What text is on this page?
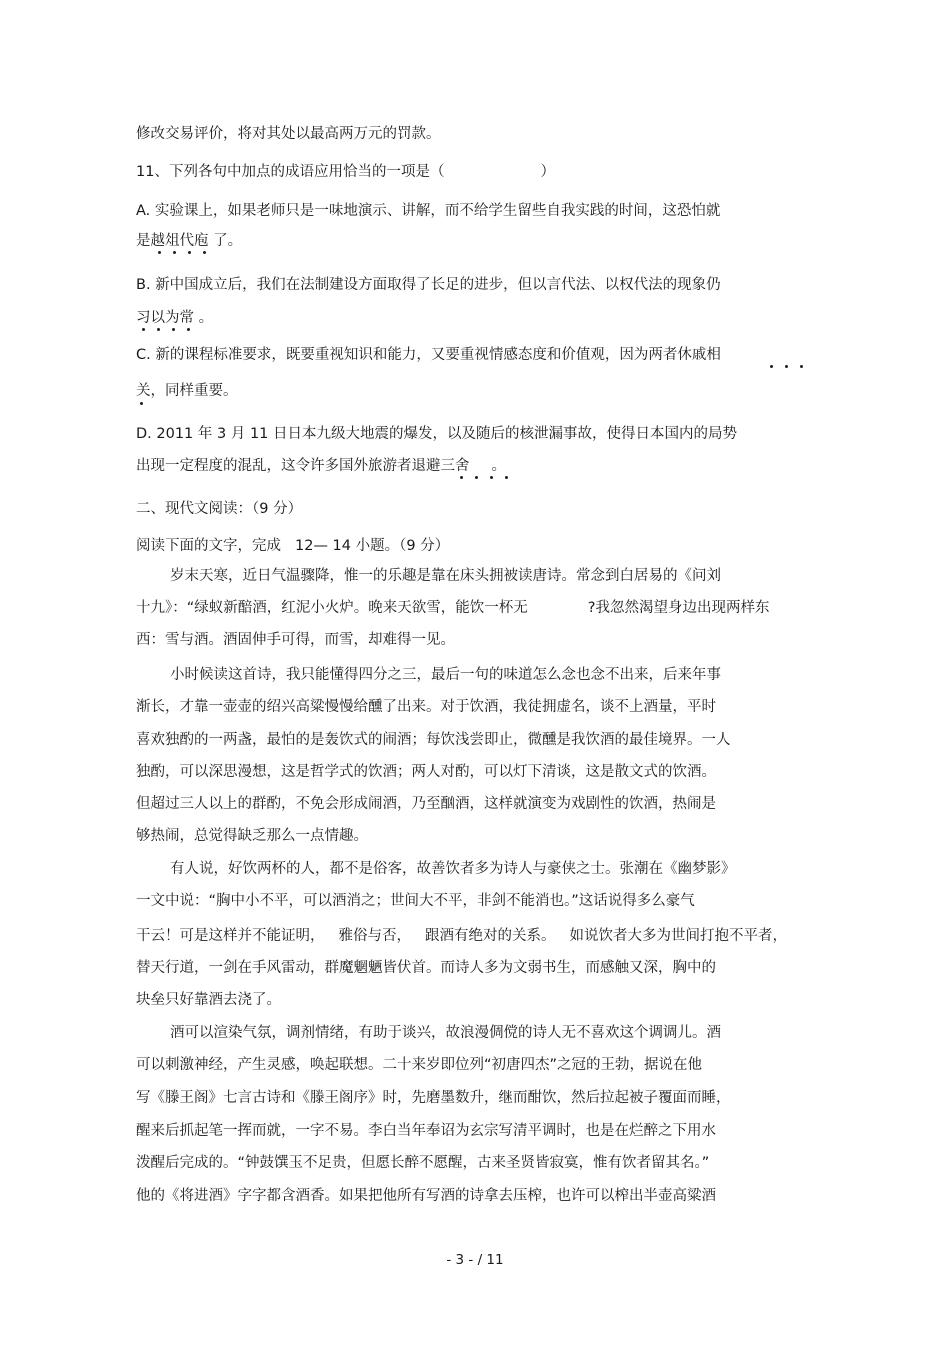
修改交易评价，将对其处以最高两万元的罚款。
11、下列各句中加点的成语应用恰当的一项是（	）
A. 实验课上，如果老师只是一味地演示、讲解，而不给学生留些自我实践的时间，这恐怕就
是越俎代庖 了。
B. 新中国成立后，我们在法制建设方面取得了长足的进步，但以言代法、以权代法的现象仍
习以为常 。
C. 新的课程标准要求，既要重视知识和能力，又要重视情感态度和价值观，因为两者休戚相
关，同样重要。
D. 2011 年 3 月 11 日日本九级大地震的爆发，以及随后的核泄漏事故，使得日本国内的局势
出现一定程度的混乱，这令许多国外旅游者退避三舍 。
二、现代文阅读：（9 分）
阅读下面的文字，完成 12— 14 小题。（9 分）
岁末天寒，近日气温骤降，惟一的乐趣是靠在床头拥被读唐诗。常念到白居易的《问刘
十九》：“绿蚁新醅酒，红泥小火炉。晚来天欲雪，能饮一杯无	?我忽然渴望身边出现两样东
西：雪与酒。酒固伸手可得，而雪，却难得一见。
小时候读这首诗，我只能懂得四分之三，最后一句的味道怎么念也念不出来，后来年事
渐长，才靠一壶壶的绍兴高粱慢慢给醺了出来。对于饮酒，我徒拥虚名，谈不上酒量，平时
喜欢独酌的一两盏，最怕的是轰饮式的闹酒；每饮浅尝即止，微醺是我饮酒的最佳境界。一人
独酌，可以深思漫想，这是哲学式的饮酒；两人对酌，可以灯下清谈，这是散文式的饮酒。
但超过三人以上的群酌，不免会形成闹酒，乃至酗酒，这样就演变为戏剧性的饮酒，热闹是
够热闹，总觉得缺乏那么一点情趣。
有人说，好饮两杯的人，都不是俗客，故善饮者多为诗人与豪侠之士。张潮在《幽梦影》
一文中说：“胸中小不平，可以酒消之；世间大不平，非剑不能消也。”这话说得多么豪气
干云！可是这样并不能证明， 雅俗与否， 跟酒有绝对的关系。 如说饮者大多为世间打抱不平者，
替天行道，一剑在手风雷动，群魔魍魉皆伏首。而诗人多为文弱书生，而感触又深，胸中的
块垒只好靠酒去浇了。
酒可以渲染气氛，调剂情绪，有助于谈兴，故浪漫倜傥的诗人无不喜欢这个调调儿。酒
可以刺激神经，产生灵感，唤起联想。二十来岁即位列“初唐四杰”之冠的王勃，据说在他
写《滕王阁》七言古诗和《滕王阁序》时，先磨墨数升，继而酣饮，然后拉起被子覆面而睡，
醒来后抓起笔一挥而就，一字不易。李白当年奉诏为玄宗写清平调时，也是在烂醉之下用水
泼醒后完成的。“钟鼓馔玉不足贵，但愿长醉不愿醒，古来圣贤皆寂寞，惟有饮者留其名。”
他的《将进酒》字字都含酒香。如果把他所有写酒的诗拿去压榨，也许可以榨出半壶高粱酒
- 3 - / 11
